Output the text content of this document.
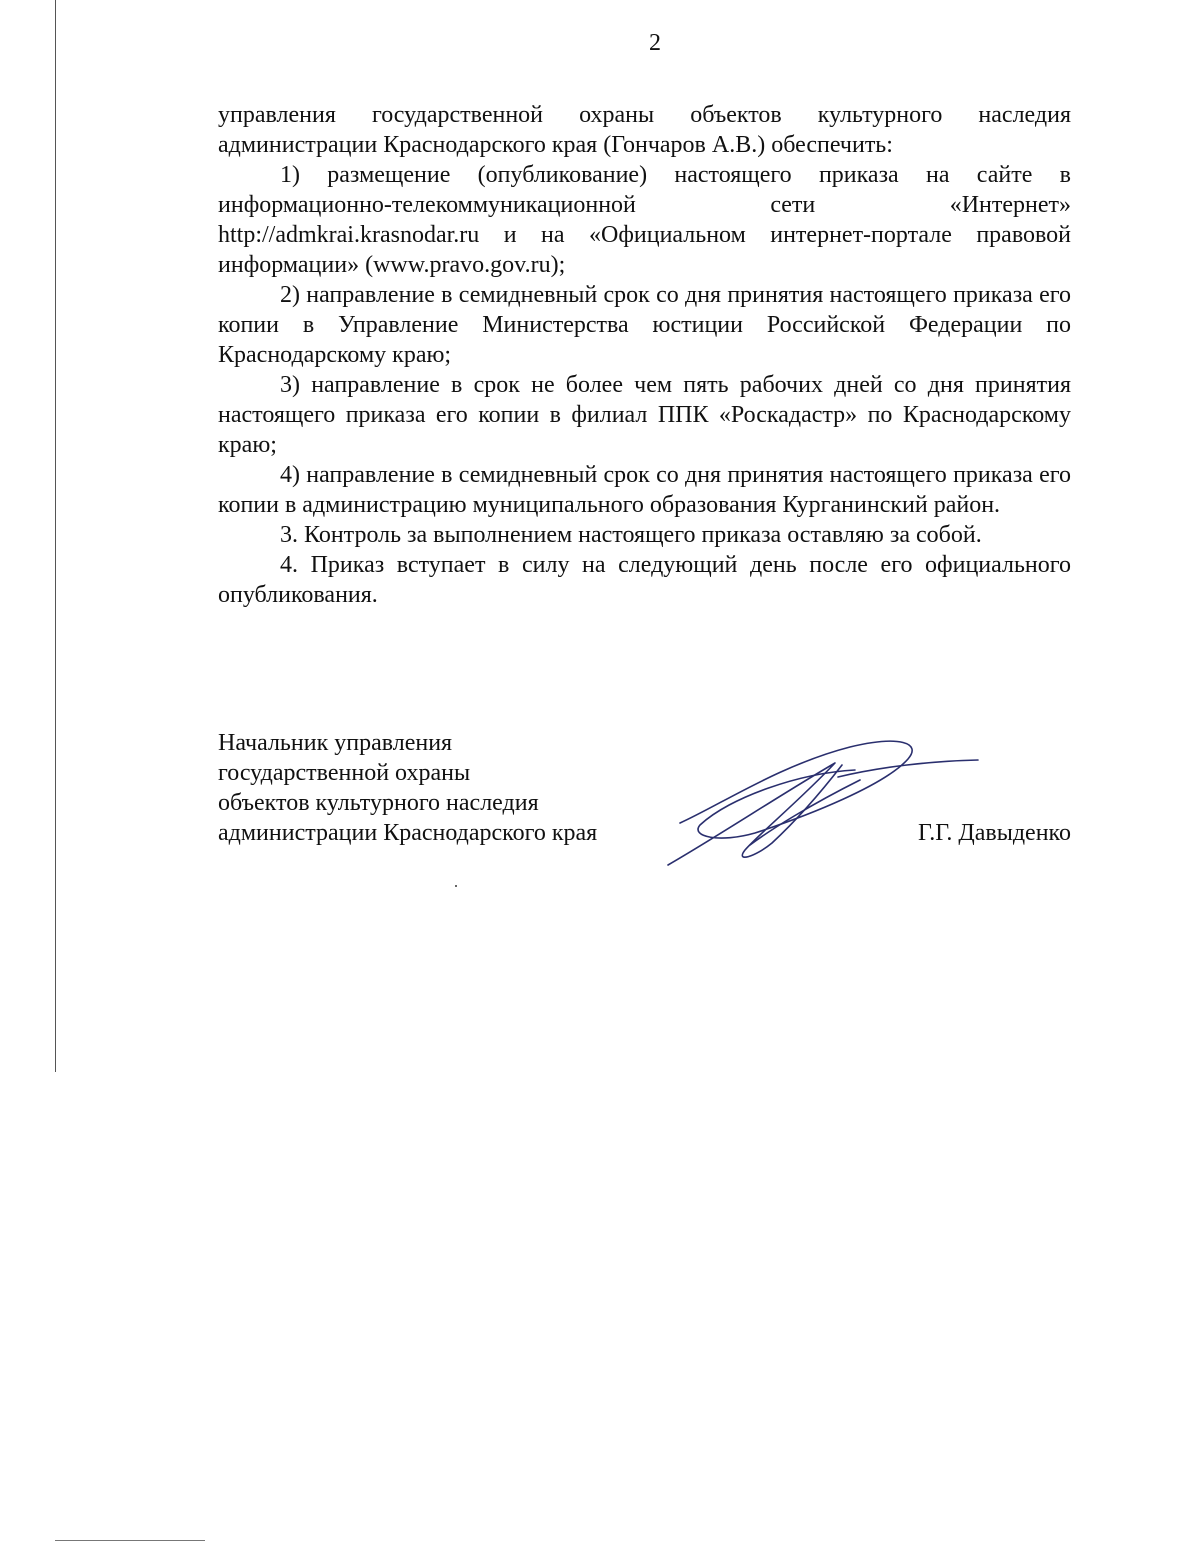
2

управления государственной охраны объектов культурного наследия администрации Краснодарского края (Гончаров А.В.) обеспечить:

1) размещение (опубликование) настоящего приказа на сайте в информационно-телекоммуникационной сети «Интернет» http://admkrai.krasnodar.ru и на «Официальном интернет-портале правовой информации» (www.pravo.gov.ru);

2) направление в семидневный срок со дня принятия настоящего приказа его копии в Управление Министерства юстиции Российской Федерации по Краснодарскому краю;

3) направление в срок не более чем пять рабочих дней со дня принятия настоящего приказа его копии в филиал ППК «Роскадастр» по Краснодарскому краю;

4) направление в семидневный срок со дня принятия настоящего приказа его копии в администрацию муниципального образования Курганинский район.

3. Контроль за выполнением настоящего приказа оставляю за собой.

4. Приказ вступает в силу на следующий день после его официального опубликования.

Начальник управления
государственной охраны
объектов культурного наследия
администрации Краснодарского края	Г.Г. Давыденко
